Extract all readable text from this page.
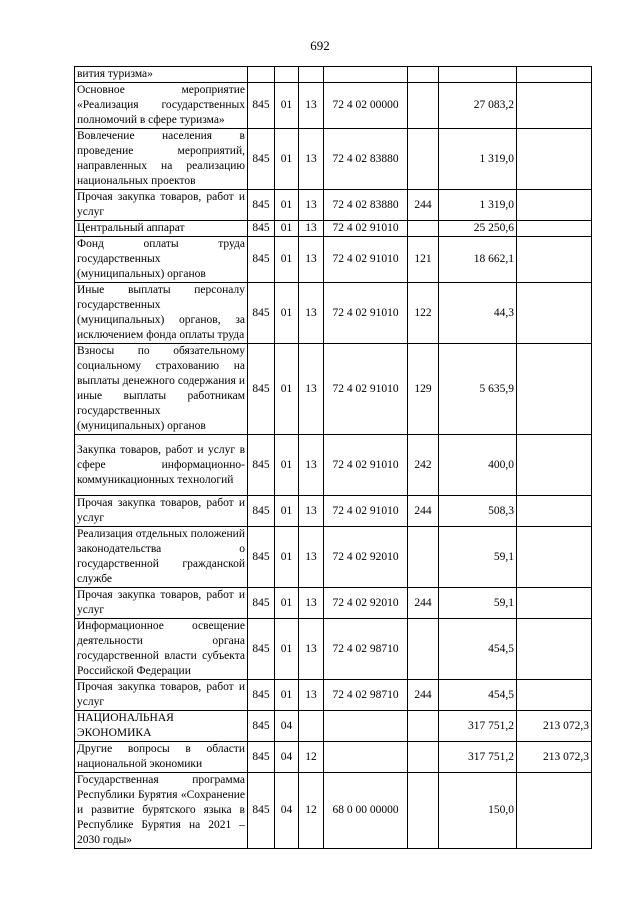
692
вития туризма»							
Основное мероприятие «Реализация государственных полномочий в сфере туризма»	845	01	13	72 4 02 00000		27 083,2	
Вовлечение населения в проведение мероприятий, направленных на реализацию национальных проектов	845	01	13	72 4 02 83880		1 319,0	
Прочая закупка товаров, работ и услуг	845	01	13	72 4 02 83880	244	1 319,0	
Центральный аппарат	845	01	13	72 4 02 91010		25 250,6	
Фонд оплаты труда государственных (муниципальных) органов	845	01	13	72 4 02 91010	121	18 662,1	
Иные выплаты персоналу государственных (муниципальных) органов, за исключением фонда оплаты труда	845	01	13	72 4 02 91010	122	44,3	
Взносы по обязательному социальному страхованию на выплаты денежного содержания и иные выплаты работникам государственных (муниципальных) органов	845	01	13	72 4 02 91010	129	5 635,9	
Закупка товаров, работ и услуг в сфере информационно-коммуникационных технологий	845	01	13	72 4 02 91010	242	400,0	
Прочая закупка товаров, работ и услуг	845	01	13	72 4 02 91010	244	508,3	
Реализация отдельных положений законодательства о государственной гражданской службе	845	01	13	72 4 02 92010		59,1	
Прочая закупка товаров, работ и услуг	845	01	13	72 4 02 92010	244	59,1	
Информационное освещение деятельности органа государственной власти субъекта Российской Федерации	845	01	13	72 4 02 98710		454,5	
Прочая закупка товаров, работ и услуг	845	01	13	72 4 02 98710	244	454,5	
НАЦИОНАЛЬНАЯ ЭКОНОМИКА	845	04				317 751,2	213 072,3
Другие вопросы в области национальной экономики	845	04	12			317 751,2	213 072,3
Государственная программа Республики Бурятия «Сохранение и развитие бурятского языка в Республике Бурятия на 2021 – 2030 годы»	845	04	12	68 0 00 00000		150,0	
